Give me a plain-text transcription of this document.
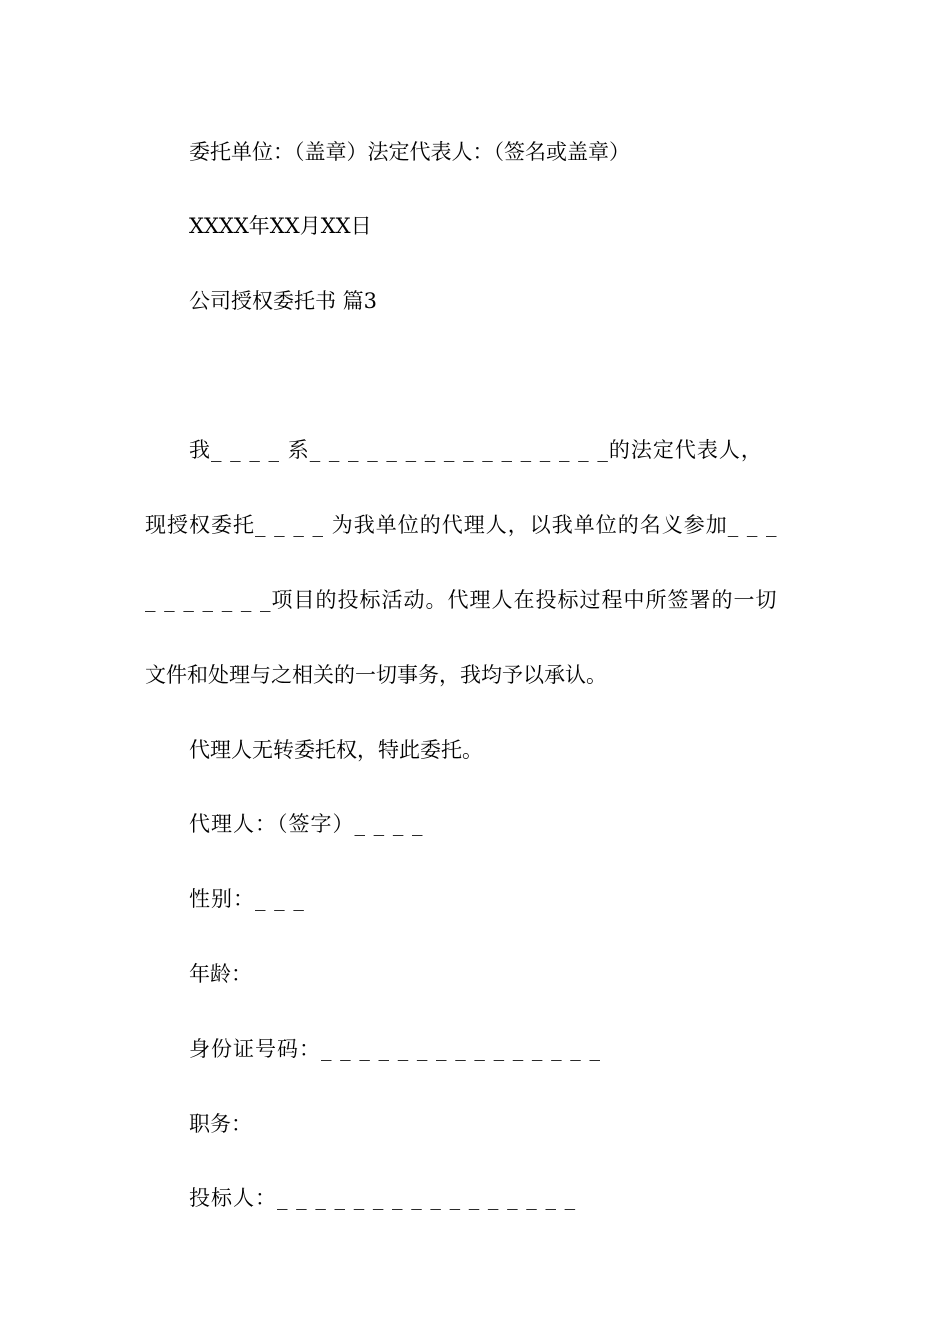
委托单位：（盖章）法定代表人：（签名或盖章）
XXXX年XX月XX日
公司授权委托书 篇3
我_ _ _ _ 系_ _ _ _ _ _ _ _ _ _ _ _ _ _ _ _的法定代表人，
现授权委托_ _ _ _ 为我单位的代理人，以我单位的名义参加_ _ _
_ _ _ _ _ _ _项目的投标活动。代理人在投标过程中所签署的一切
文件和处理与之相关的一切事务，我均予以承认。
代理人无转委托权，特此委托。
代理人：（签字）_ _ _ _
性别：_ _ _
年龄：
身份证号码：_ _ _ _ _ _ _ _ _ _ _ _ _ _ _
职务：
投标人：_ _ _ _ _ _ _ _ _ _ _ _ _ _ _ _
